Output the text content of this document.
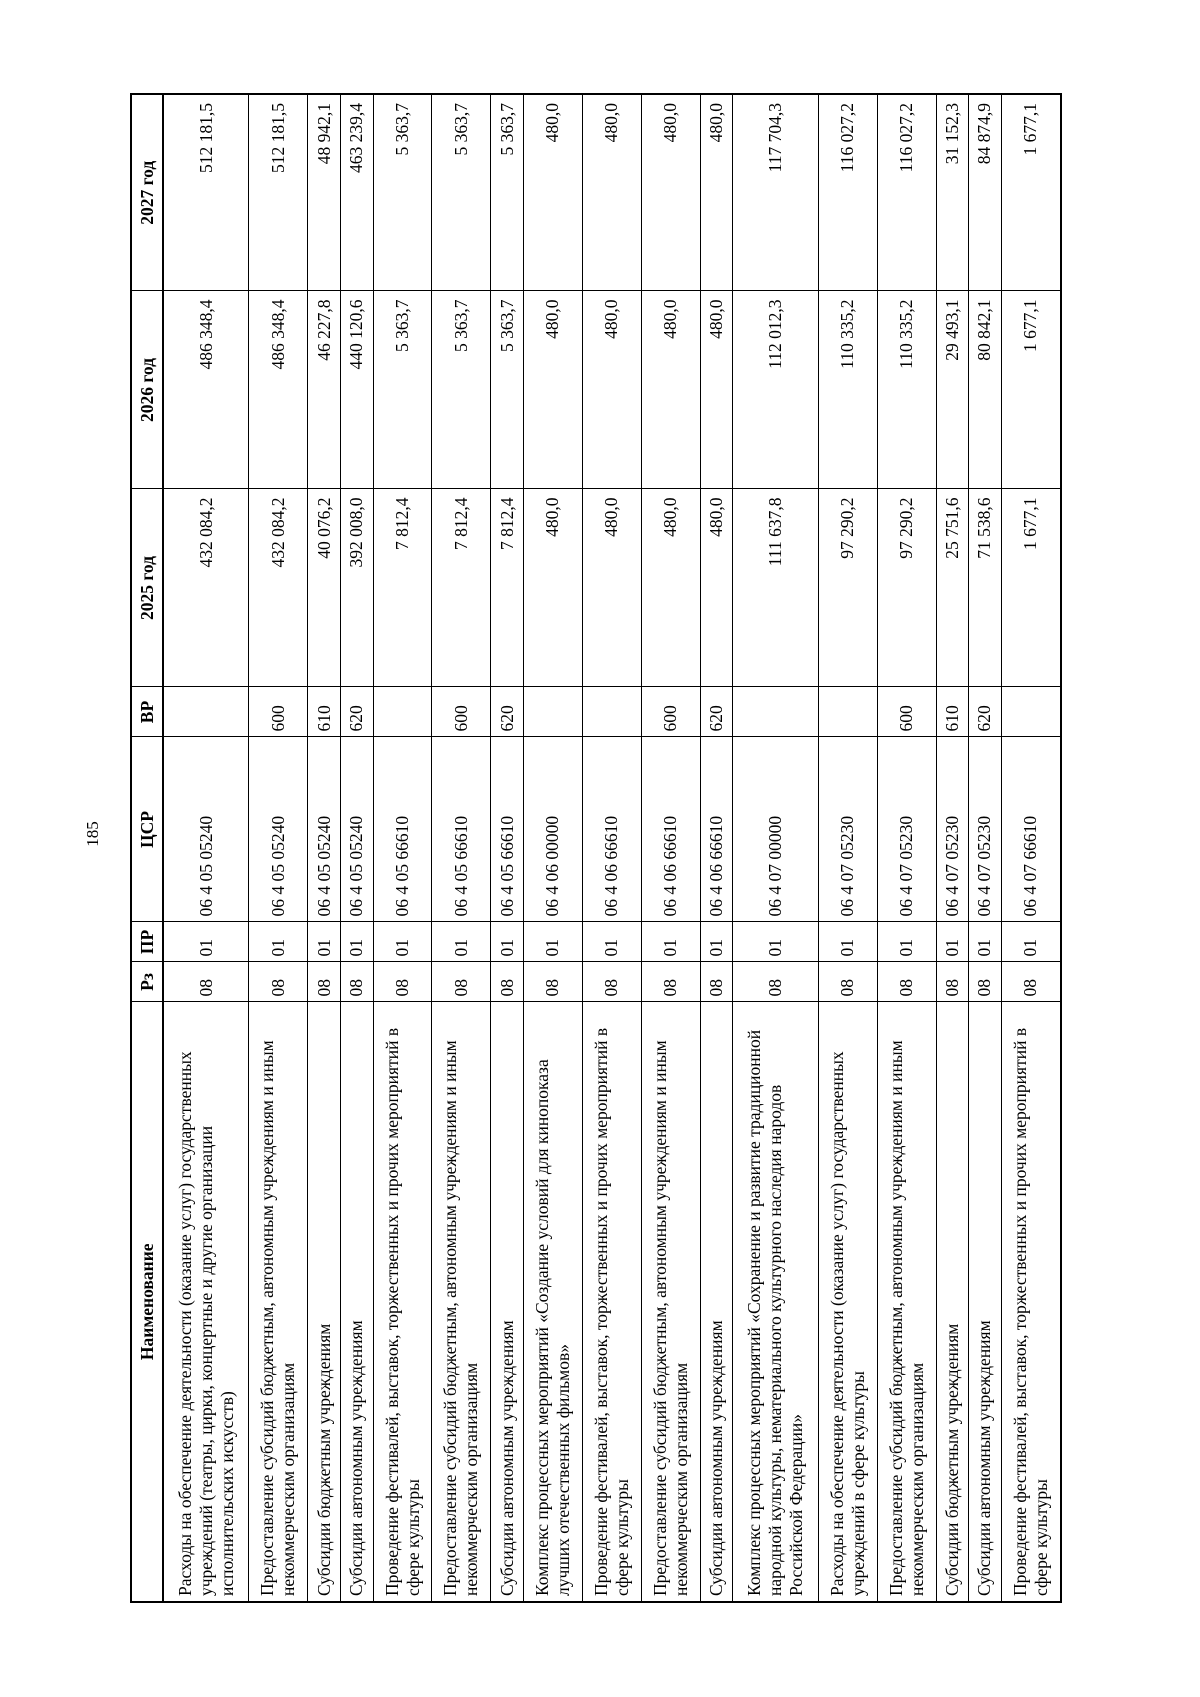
185
Наименование	Рз	ПР	ЦСР	ВР	2025 год	2026 год	2027 год
Расходы на обеспечение деятельности (оказание услуг) государственных учреждений (театры, цирки, концертные и другие организации исполнительских искусств)	08	01	06 4 05 05240		432 084,2	486 348,4	512 181,5
Предоставление субсидий бюджетным, автономным учреждениям и иным некоммерческим организациям	08	01	06 4 05 05240	600	432 084,2	486 348,4	512 181,5
Субсидии бюджетным учреждениям	08	01	06 4 05 05240	610	40 076,2	46 227,8	48 942,1
Субсидии автономным учреждениям	08	01	06 4 05 05240	620	392 008,0	440 120,6	463 239,4
Проведение фестивалей, выставок, торжественных и прочих мероприятий в сфере культуры	08	01	06 4 05 66610		7 812,4	5 363,7	5 363,7
Предоставление субсидий бюджетным, автономным учреждениям и иным некоммерческим организациям	08	01	06 4 05 66610	600	7 812,4	5 363,7	5 363,7
Субсидии автономным учреждениям	08	01	06 4 05 66610	620	7 812,4	5 363,7	5 363,7
Комплекс процессных мероприятий «Создание условий для кинопоказа лучших отечественных фильмов»	08	01	06 4 06 00000		480,0	480,0	480,0
Проведение фестивалей, выставок, торжественных и прочих мероприятий в сфере культуры	08	01	06 4 06 66610		480,0	480,0	480,0
Предоставление субсидий бюджетным, автономным учреждениям и иным некоммерческим организациям	08	01	06 4 06 66610	600	480,0	480,0	480,0
Субсидии автономным учреждениям	08	01	06 4 06 66610	620	480,0	480,0	480,0
Комплекс процессных мероприятий «Сохранение и развитие традиционной народной культуры, нематериального культурного наследия народов Российской Федерации»	08	01	06 4 07 00000		111 637,8	112 012,3	117 704,3
Расходы на обеспечение деятельности (оказание услуг) государственных учреждений в сфере культуры	08	01	06 4 07 05230		97 290,2	110 335,2	116 027,2
Предоставление субсидий бюджетным, автономным учреждениям и иным некоммерческим организациям	08	01	06 4 07 05230	600	97 290,2	110 335,2	116 027,2
Субсидии бюджетным учреждениям	08	01	06 4 07 05230	610	25 751,6	29 493,1	31 152,3
Субсидии автономным учреждениям	08	01	06 4 07 05230	620	71 538,6	80 842,1	84 874,9
Проведение фестивалей, выставок, торжественных и прочих мероприятий в сфере культуры	08	01	06 4 07 66610		1 677,1	1 677,1	1 677,1
